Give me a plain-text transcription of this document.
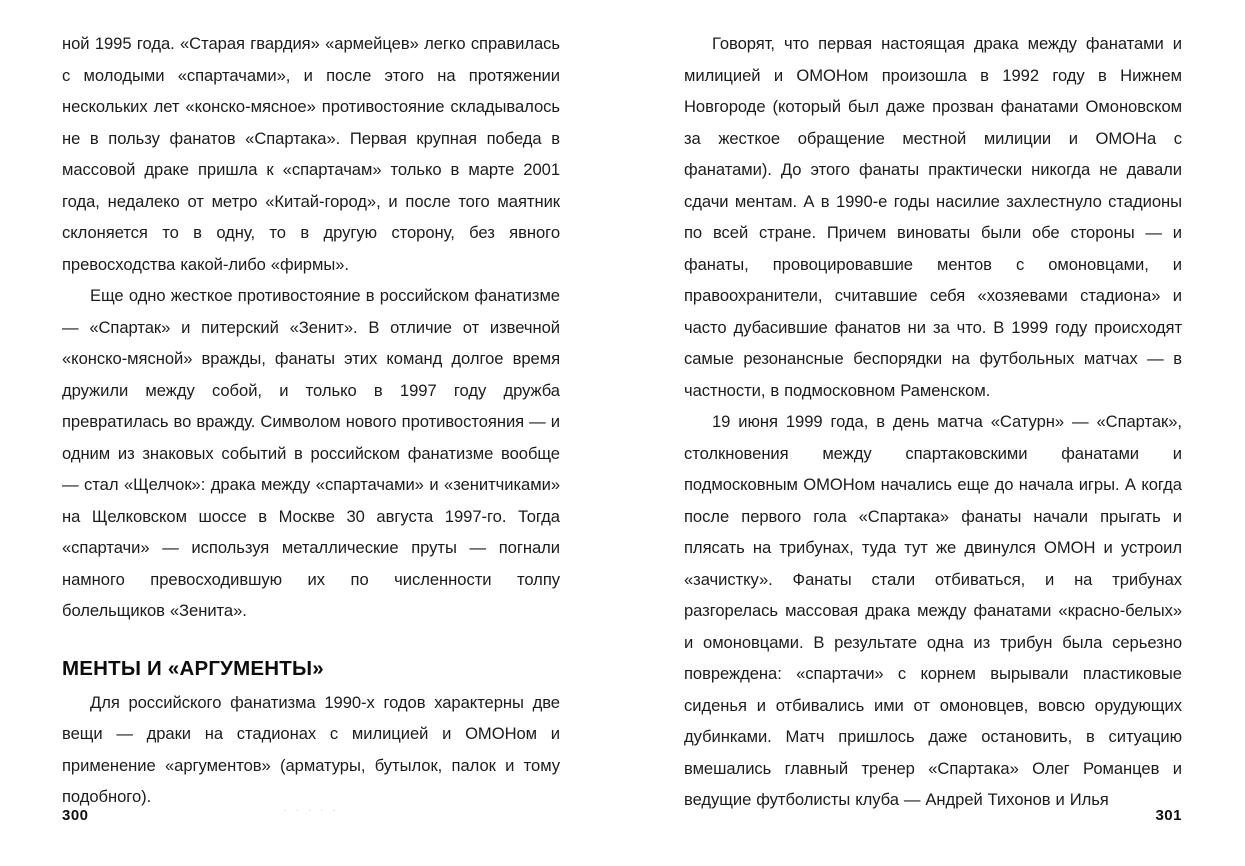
ной 1995 года. «Старая гвардия» «армейцев» легко справилась с молодыми «спартачами», и после этого на протяжении нескольких лет «конско-мясное» противостояние складывалось не в пользу фанатов «Спартака». Первая крупная победа в массовой драке пришла к «спартачам» только в марте 2001 года, недалеко от метро «Китай-город», и после того маятник склоняется то в одну, то в другую сторону, без явного превосходства какой-либо «фирмы».

Еще одно жесткое противостояние в российском фанатизме — «Спартак» и питерский «Зенит». В отличие от извечной «конско-мясной» вражды, фанаты этих команд долгое время дружили между собой, и только в 1997 году дружба превратилась во вражду. Символом нового противостояния — и одним из знаковых событий в российском фанатизме вообще — стал «Щелчок»: драка между «спартачами» и «зенитчиками» на Щелковском шоссе в Москве 30 августа 1997-го. Тогда «спартачи» — используя металлические пруты — погнали намного превосходившую их по численности толпу болельщиков «Зенита».

МЕНТЫ И «АРГУМЕНТЫ»

Для российского фанатизма 1990-х годов характерны две вещи — драки на стадионах с милицией и ОМОНом и применение «аргументов» (арматуры, бутылок, палок и тому подобного).

300	. . . . .

Говорят, что первая настоящая драка между фанатами и милицией и ОМОНом произошла в 1992 году в Нижнем Новгороде (который был даже прозван фанатами Омоновском за жесткое обращение местной милиции и ОМОНа с фанатами). До этого фанаты практически никогда не давали сдачи ментам. А в 1990-е годы насилие захлестнуло стадионы по всей стране. Причем виноваты были обе стороны — и фанаты, провоцировавшие ментов с омоновцами, и правоохранители, считавшие себя «хозяевами стадиона» и часто дубасившие фанатов ни за что. В 1999 году происходят самые резонансные беспорядки на футбольных матчах — в частности, в подмосковном Раменском.

19 июня 1999 года, в день матча «Сатурн» — «Спартак», столкновения между спартаковскими фанатами и подмосковным ОМОНом начались еще до начала игры. А когда после первого гола «Спартака» фанаты начали прыгать и плясать на трибунах, туда тут же двинулся ОМОН и устроил «зачистку». Фанаты стали отбиваться, и на трибунах разгорелась массовая драка между фанатами «красно-белых» и омоновцами. В результате одна из трибун была серьезно повреждена: «спартачи» с корнем вырывали пластиковые сиденья и отбивались ими от омоновцев, вовсю орудующих дубинками. Матч пришлось даже остановить, в ситуацию вмешались главный тренер «Спартака» Олег Романцев и ведущие футболисты клуба — Андрей Тихонов и Илья

301
